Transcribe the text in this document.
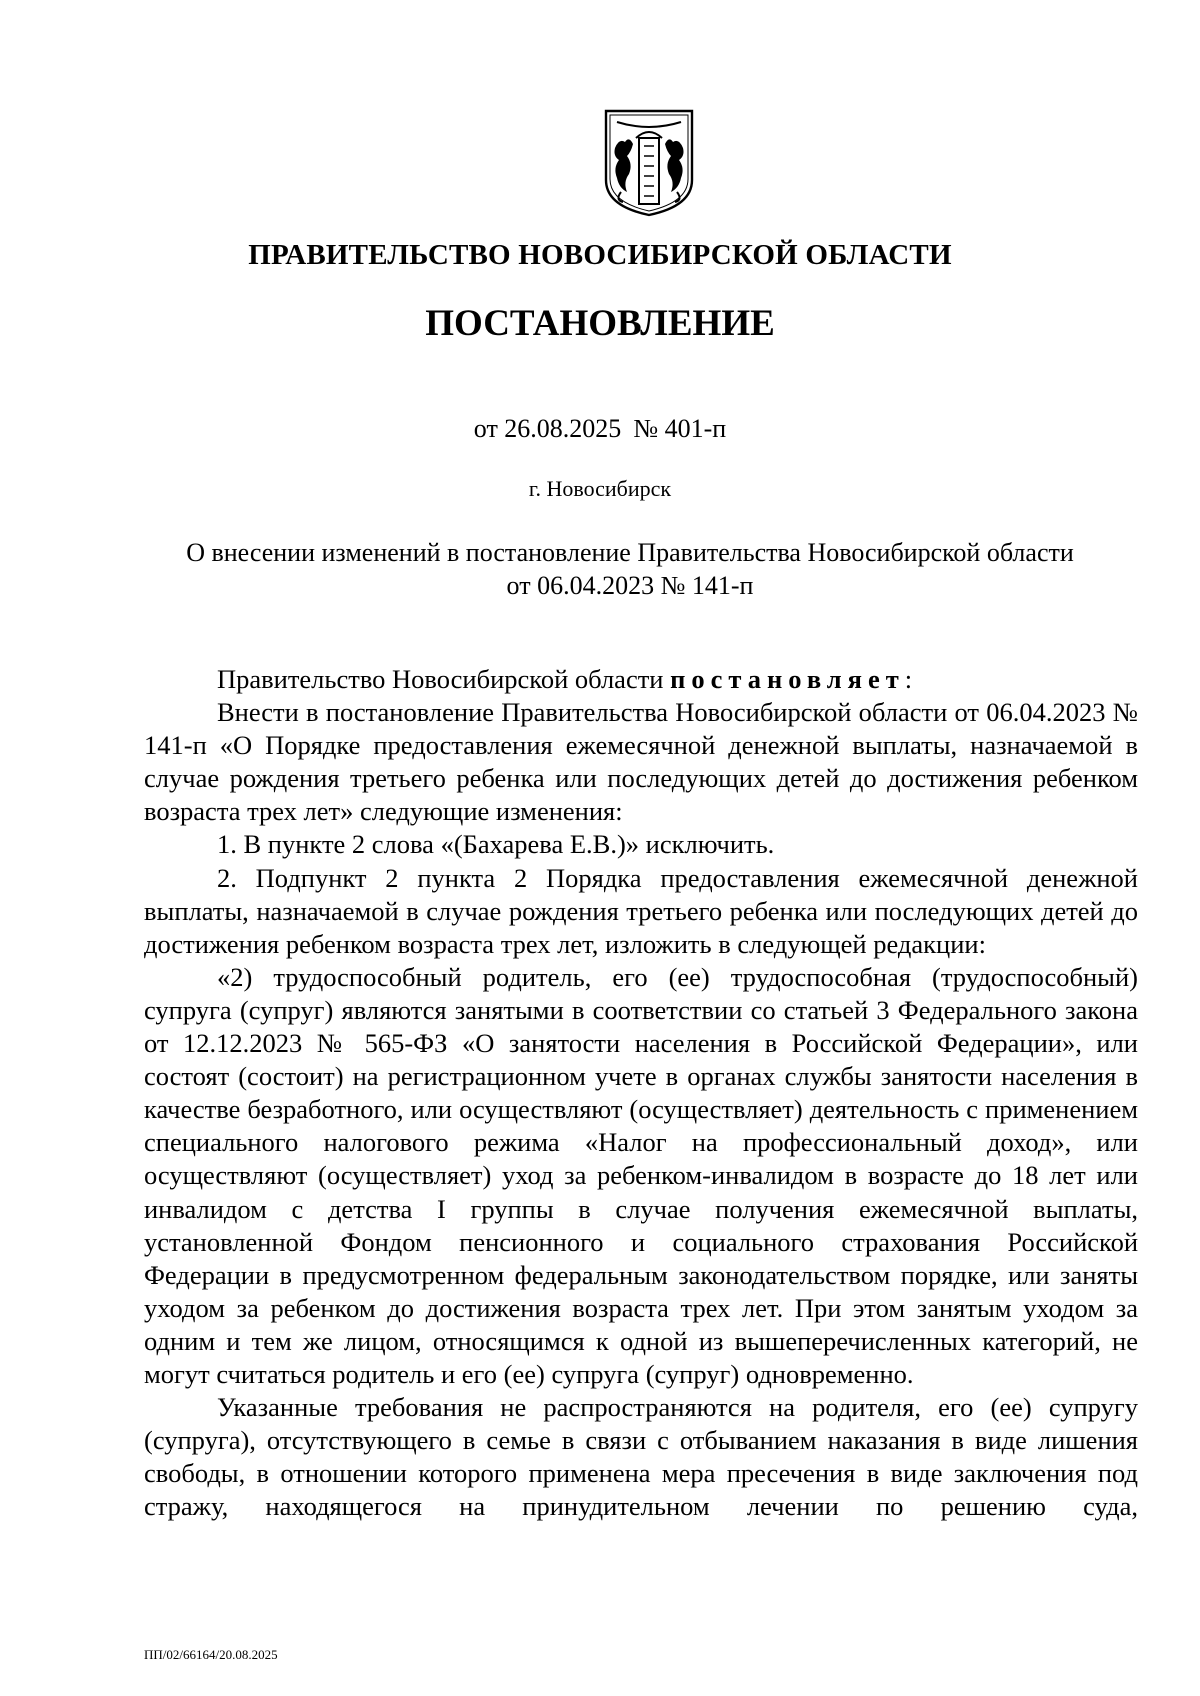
ПРАВИТЕЛЬСТВО НОВОСИБИРСКОЙ ОБЛАСТИ
ПОСТАНОВЛЕНИЕ
от 26.08.2025 № 401-п
г. Новосибирск
О внесении изменений в постановление Правительства Новосибирской области
от 06.04.2023 № 141-п

Правительство Новосибирской области постановляет:

Внести в постановление Правительства Новосибирской области от 06.04.2023 № 141-п «О Порядке предоставления ежемесячной денежной выплаты, назначаемой в случае рождения третьего ребенка или последующих детей до достижения ребенком возраста трех лет» следующие изменения:

1. В пункте 2 слова «(Бахарева Е.В.)» исключить.

2. Подпункт 2 пункта 2 Порядка предоставления ежемесячной денежной выплаты, назначаемой в случае рождения третьего ребенка или последующих детей до достижения ребенком возраста трех лет, изложить в следующей редакции:

«2) трудоспособный родитель, его (ее) трудоспособная (трудоспособный) супруга (супруг) являются занятыми в соответствии со статьей 3 Федерального закона от 12.12.2023 № 565-ФЗ «О занятости населения в Российской Федерации», или состоят (состоит) на регистрационном учете в органах службы занятости населения в качестве безработного, или осуществляют (осуществляет) деятельность с применением специального налогового режима «Налог на профессиональный доход», или осуществляют (осуществляет) уход за ребенком-инвалидом в возрасте до 18 лет или инвалидом с детства I группы в случае получения ежемесячной выплаты, установленной Фондом пенсионного и социального страхования Российской Федерации в предусмотренном федеральным законодательством порядке, или заняты уходом за ребенком до достижения возраста трех лет. При этом занятым уходом за одним и тем же лицом, относящимся к одной из вышеперечисленных категорий, не могут считаться родитель и его (ее) супруга (супруг) одновременно.

Указанные требования не распространяются на родителя, его (ее) супругу (супруга), отсутствующего в семье в связи с отбыванием наказания в виде лишения свободы, в отношении которого применена мера пресечения в виде заключения под стражу, находящегося на принудительном лечении по решению суда,

ПП/02/66164/20.08.2025
